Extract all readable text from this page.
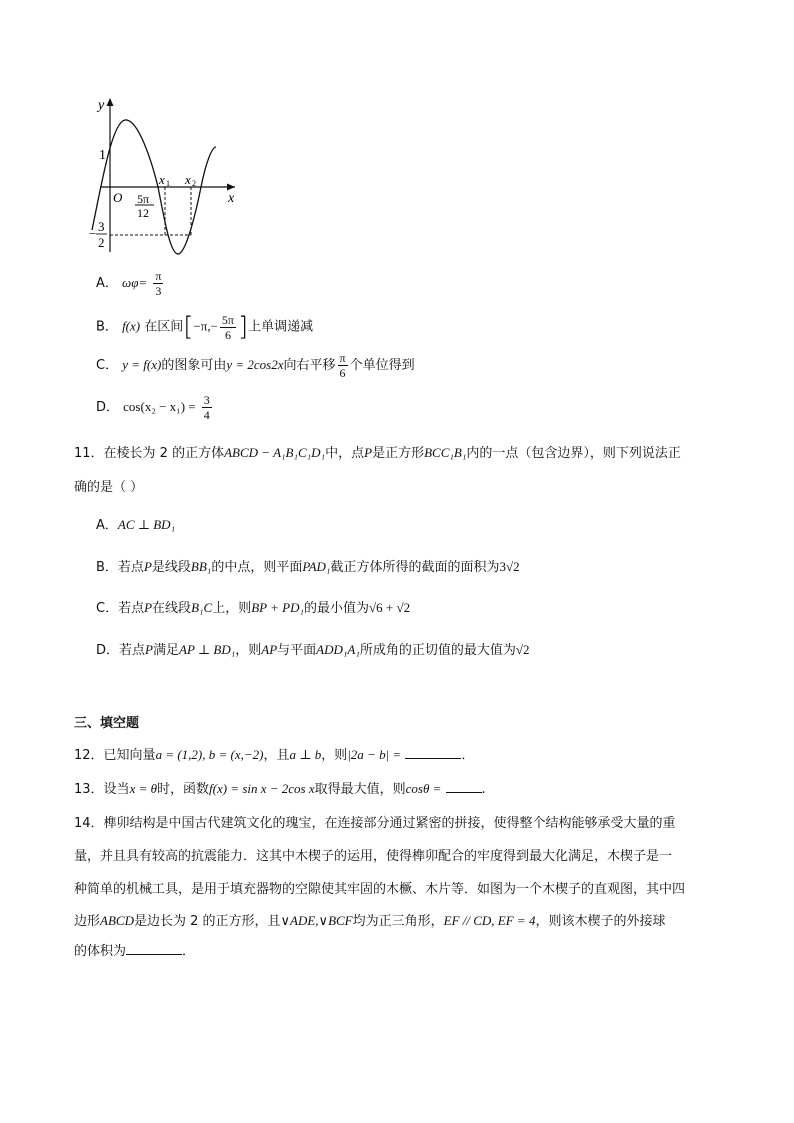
y
x
O
1
− 3
2
5π
12
x 1 x 2
A． $\omega\varphi= \frac{\pi}{3}$
B． f(x) 在区间[$-\pi,- \frac{5\pi}{6}$ ]上单调递减
C． y = f(x)的图象可由y = 2cos2x向右平移 $\frac{\pi}{6}$ 个单位得到
D． $\cos(x_2 - x_1) = \frac{3}{4}$
11．在棱长为 2 的正方体ABCD − A₁B₁C₁D₁中，点P是正方形BCC₁B₁内的一点（包含边界），则下列说法正
确的是（ ）
A．AC ⊥ BD₁
B．若点P是线段BB₁的中点，则平面PAD₁截正方体所得的截面的面积为3√2
C．若点P在线段B₁C上，则BP + PD₁的最小值为√6 + √2
D．若点P满足AP ⊥ BD₁，则AP与平面ADD₁A₁所成角的正切值的最大值为√2
三、填空题
12．已知向量a = (1,2), b = (x,−2)，且a ⊥ b，则|2a − b| =	．
13．设当x = θ时，函数f(x) = sin x − 2cos x取得最大值，则cosθ =	.
14．榫卯结构是中国古代建筑文化的瑰宝，在连接部分通过紧密的拼接，使得整个结构能够承受大量的重
量，并且具有较高的抗震能力．这其中木楔子的运用，使得榫卯配合的牢度得到最大化满足，木楔子是一
种简单的机械工具，是用于填充器物的空隙使其牢固的木橛、木片等．如图为一个木楔子的直观图，其中四
边形ABCD是边长为 2 的正方形，且∨ADE,∨BCF均为正三角形，EF // CD, EF = 4，则该木楔子的外接球
的体积为	．
